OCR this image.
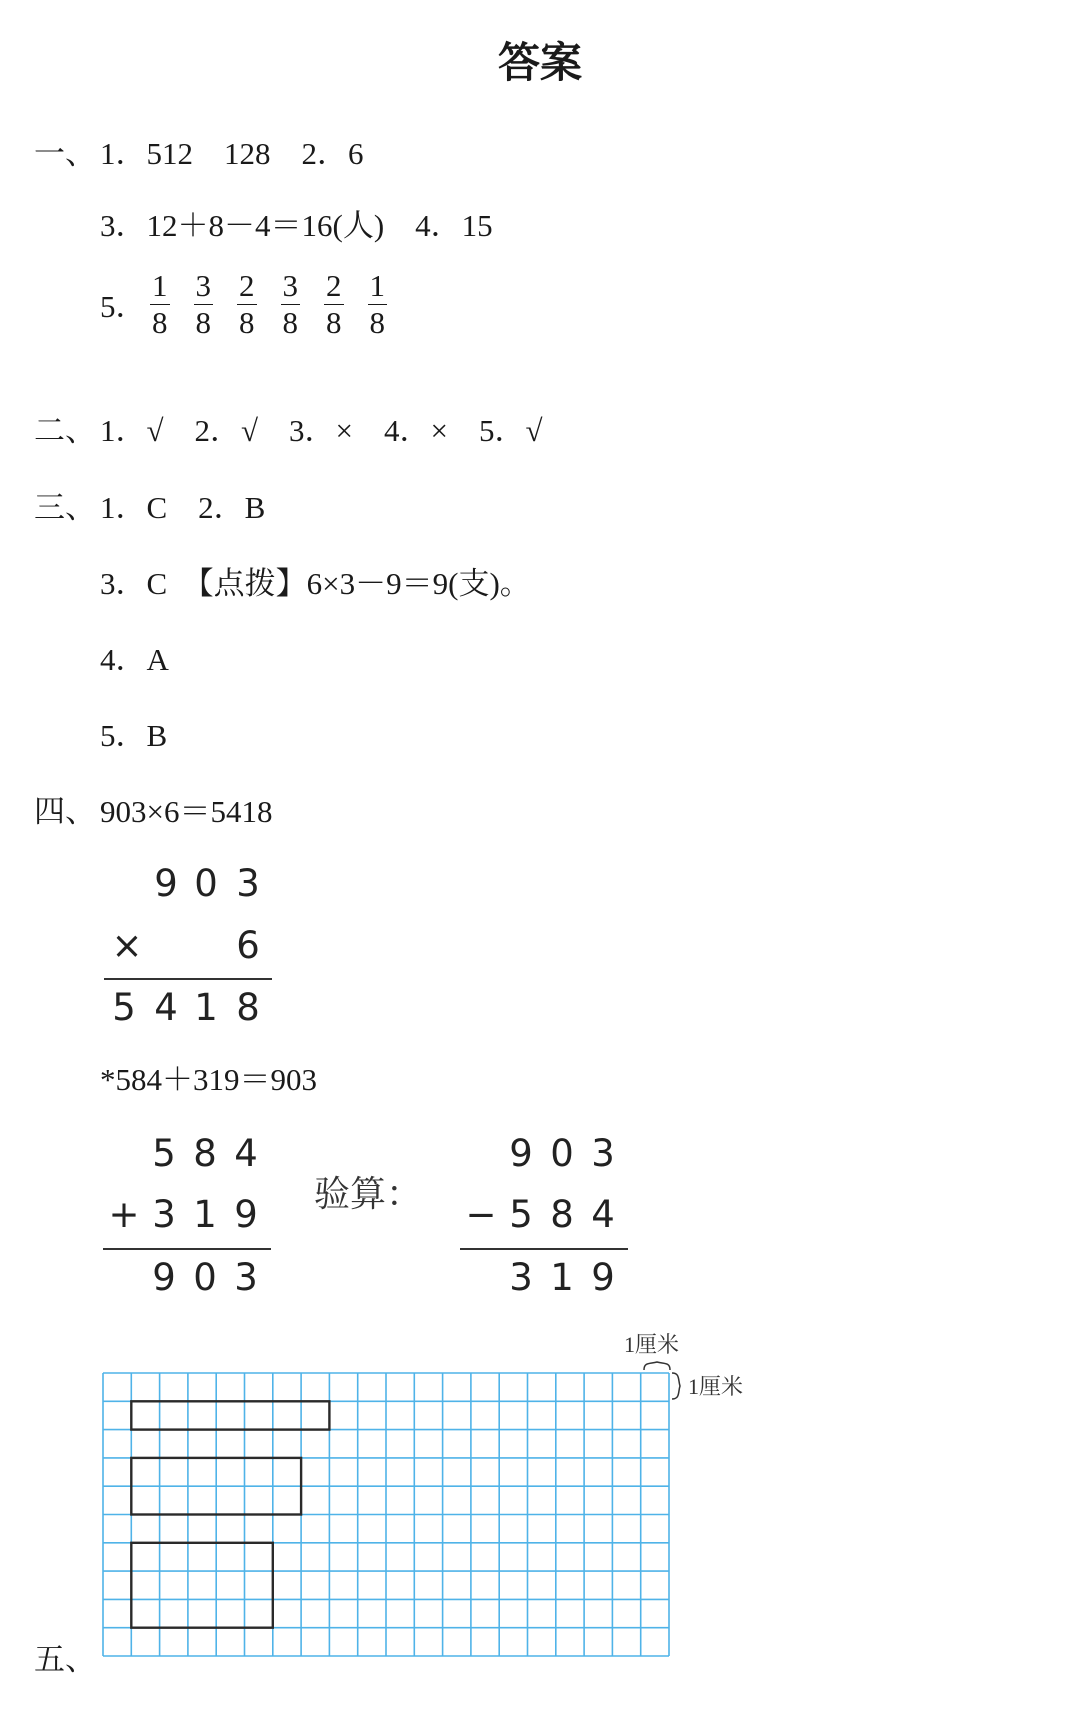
答案
一、 1．512　128　2．6
3．12＋8－4＝16(人)　4．15
5． $\frac{1}{8} \frac{3}{8} \frac{2}{8} \frac{3}{8} \frac{2}{8} \frac{1}{8}$
二、 1．√　2．√　3．×　4．×　5．√
三、 1．C　2．B
3．C　【点拨】6×3－9＝9(支)。
4．A
5．B
四、 903×6＝5418
9 0 3
×	6
5 4 1 8
*584＋319＝903
5 8 4
+ 3 1 9
9 0 3
验算：
9 0 3
− 5 8 4
3 1 9
1厘米
1厘米
五、
